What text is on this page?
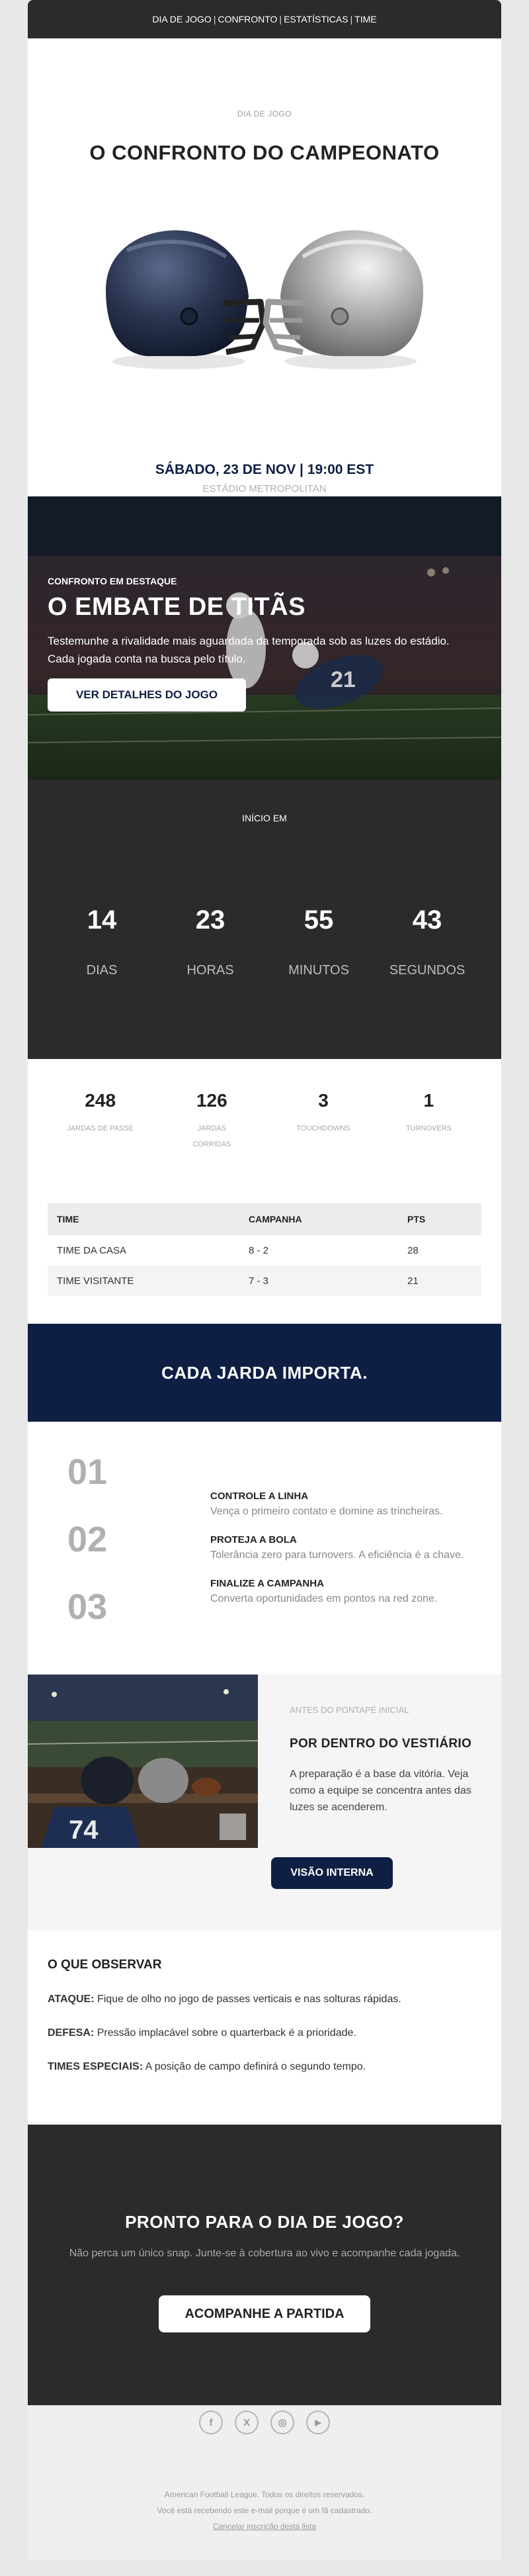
DIA DE JOGO | CONFRONTO | ESTATÍSTICAS | TIME
DIA DE JOGO
O CONFRONTO DO CAMPEONATO
SÁBADO, 23 DE NOV | 19:00 EST
ESTÁDIO METROPOLITAN
21
CONFRONTO EM DESTAQUE
O EMBATE DE TITÃS
Testemunhe a rivalidade mais aguardada da temporada sob as luzes do estádio. Cada jogada conta na busca pelo título.
VER DETALHES DO JOGO
INÍCIO EM
14
DIAS
23
HORAS
55
MINUTOS
43
SEGUNDOS
248
JARDAS DE PASSE
126
JARDAS CORRIDAS
3
TOUCHDOWNS
1
TURNOVERS
TIME	CAMPANHA	PTS
TIME DA CASA	8 - 2	28
TIME VISITANTE	7 - 3	21
CADA JARDA IMPORTA.
01
02
03
CONTROLE A LINHA
Vença o primeiro contato e domine as trincheiras.
PROTEJA A BOLA
Tolerância zero para turnovers. A eficiência é a chave.
FINALIZE A CAMPANHA
Converta oportunidades em pontos na red zone.
74
ANTES DO PONTAPÉ INICIAL
POR DENTRO DO VESTIÁRIO
A preparação é a base da vitória. Veja como a equipe se concentra antes das luzes se acenderem.
VISÃO INTERNA
O QUE OBSERVAR
ATAQUE: Fique de olho no jogo de passes verticais e nas solturas rápidas.
DEFESA: Pressão implacável sobre o quarterback é a prioridade.
TIMES ESPECIAIS: A posição de campo definirá o segundo tempo.
PRONTO PARA O DIA DE JOGO?
Não perca um único snap. Junte-se à cobertura ao vivo e acompanhe cada jogada.
ACOMPANHE A PARTIDA
f	X	◎	▶
American Football League. Todos os direitos reservados.
Você está recebendo este e-mail porque é um fã cadastrado.
Cancelar inscrição desta lista
